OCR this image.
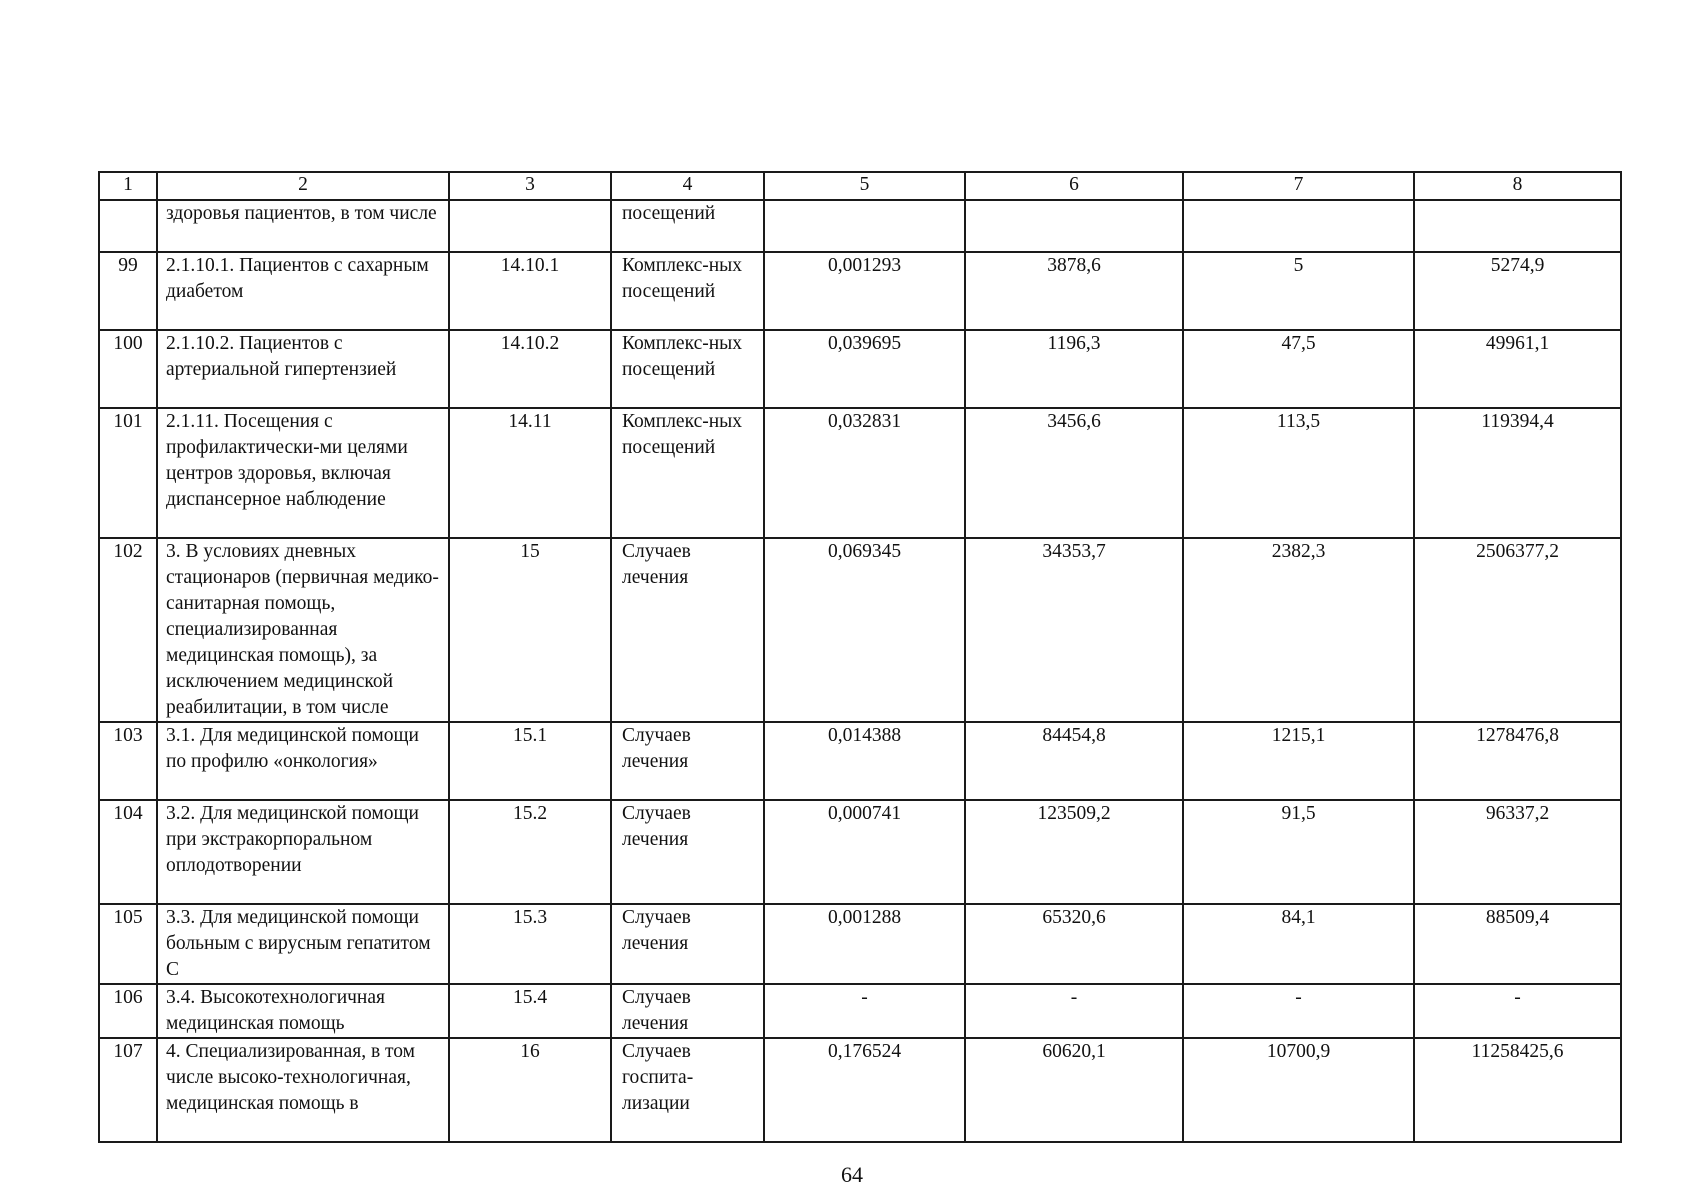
1	2	3	4	5	6	7	8
	здоровья пациентов, в том числе		посещений				
99	2.1.10.1. Пациентов с сахарным диабетом	14.10.1	Комплекс-ных посещений	0,001293	3878,6	5	5274,9
100	2.1.10.2. Пациентов с артериальной гипертензией	14.10.2	Комплекс-ных посещений	0,039695	1196,3	47,5	49961,1
101	2.1.11. Посещения с профилактически-ми целями центров здоровья, включая диспансерное наблюдение	14.11	Комплекс-ных посещений	0,032831	3456,6	113,5	119394,4
102	3. В условиях дневных стационаров (первичная медико-санитарная помощь, специализированная медицинская помощь), за исключением медицинской реабилитации, в том числе	15	Случаев лечения	0,069345	34353,7	2382,3	2506377,2
103	3.1. Для медицинской помощи по профилю «онкология»	15.1	Случаев лечения	0,014388	84454,8	1215,1	1278476,8
104	3.2. Для медицинской помощи при экстракорпоральном оплодотворении	15.2	Случаев лечения	0,000741	123509,2	91,5	96337,2
105	3.3. Для медицинской помощи больным с вирусным гепатитом С	15.3	Случаев лечения	0,001288	65320,6	84,1	88509,4
106	3.4. Высокотехнологичная медицинская помощь	15.4	Случаев лечения	-	-	-	-
107	4. Специализированная, в том числе высоко-технологичная, медицинская помощь в	16	Случаев госпита-лизации	0,176524	60620,1	10700,9	11258425,6
64
